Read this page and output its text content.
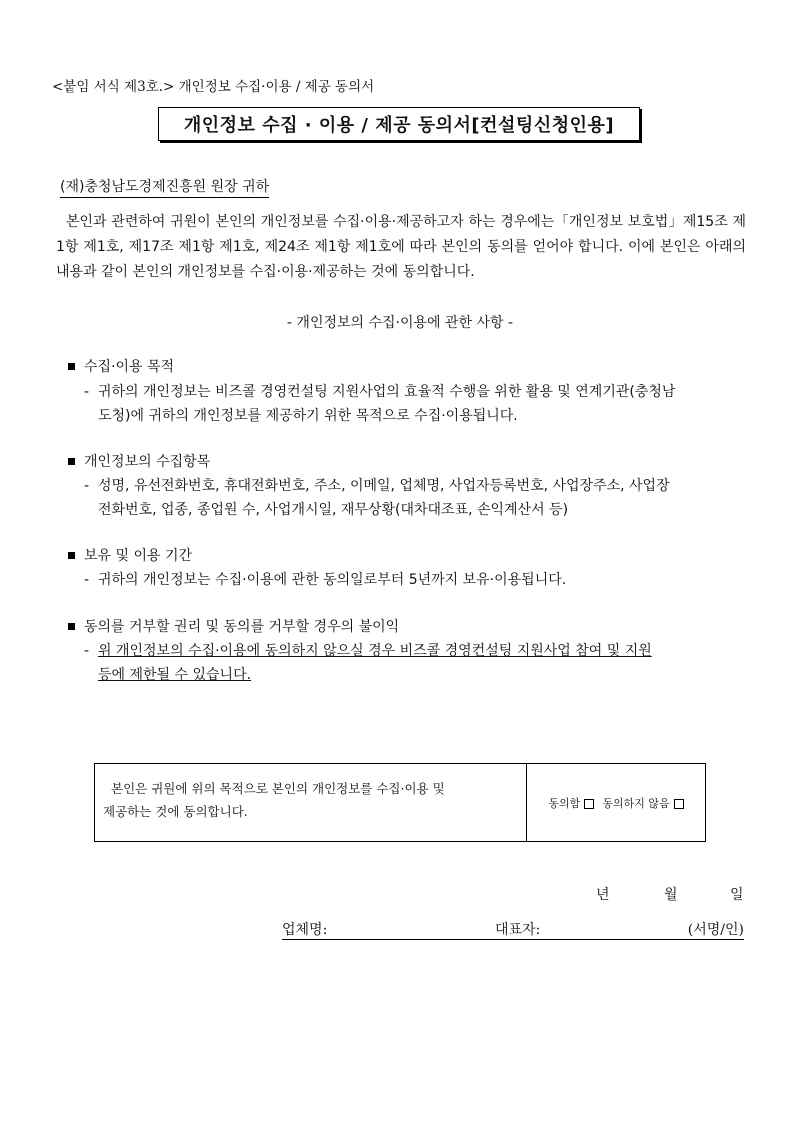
<붙임 서식 제3호.> 개인정보 수집·이용 / 제공 동의서
개인정보 수집 · 이용 / 제공 동의서[컨설팅신청인용]
(재)충청남도경제진흥원 원장 귀하
본인과 관련하여 귀원이 본인의 개인정보를 수집·이용·제공하고자 하는 경우에는「개인정보 보호법」제15조 제1항 제1호, 제17조 제1항 제1호, 제24조 제1항 제1호에 따라 본인의 동의를 얻어야 합니다. 이에 본인은 아래의 내용과 같이 본인의 개인정보를 수집·이용·제공하는 것에 동의합니다.
- 개인정보의 수집·이용에 관한 사항 -
수집·이용 목적
- 귀하의 개인정보는 비즈콜 경영컨설팅 지원사업의 효율적 수행을 위한 활용 및 연계기관(충청남
도청)에 귀하의 개인정보를 제공하기 위한 목적으로 수집·이용됩니다.
개인정보의 수집항목
- 성명, 유선전화번호, 휴대전화번호, 주소, 이메일, 업체명, 사업자등록번호, 사업장주소, 사업장
전화번호, 업종, 종업원 수, 사업개시일, 재무상황(대차대조표, 손익계산서 등)
보유 및 이용 기간
- 귀하의 개인정보는 수집·이용에 관한 동의일로부터 5년까지 보유·이용됩니다.
동의를 거부할 권리 및 동의를 거부할 경우의 불이익
- 위 개인정보의 수집·이용에 동의하지 않으실 경우 비즈콜 경영컨설팅 지원사업 참여 및 지원
등에 제한될 수 있습니다.
본인은 귀원에 위의 목적으로 본인의 개인정보를 수집·이용 및
제공하는 것에 동의합니다.
동의함	동의하지 않음
년	월	일
업체명:	대표자:	(서명/인)
